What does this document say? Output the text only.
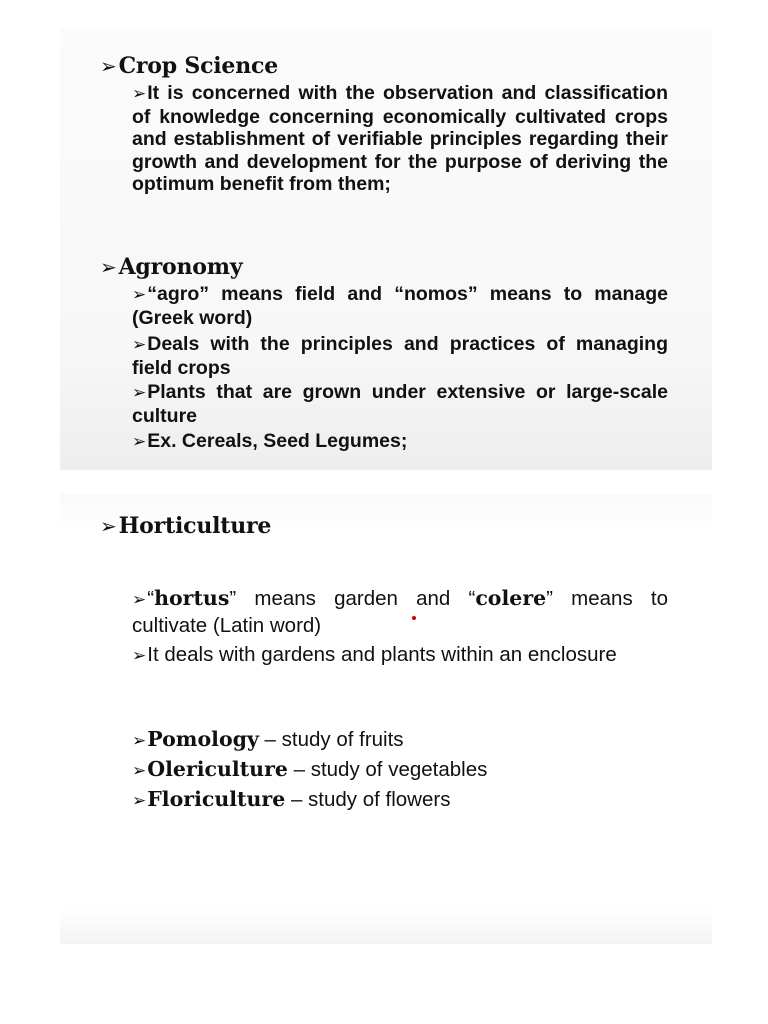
➢Crop Science
➢It is concerned with the observation and classification of knowledge concerning economically cultivated crops and establishment of verifiable principles regarding their growth and development for the purpose of deriving the optimum benefit from them;
➢Agronomy
➢“agro” means field and “nomos” means to manage (Greek word)
➢Deals with the principles and practices of managing field crops
➢Plants that are grown under extensive or large-scale culture
➢Ex. Cereals, Seed Legumes;
➢Horticulture
➢“hortus” means garden and “colere” means to cultivate (Latin word)
➢It deals with gardens and plants within an enclosure
➢Pomology – study of fruits
➢Olericulture – study of vegetables
➢Floriculture – study of flowers
